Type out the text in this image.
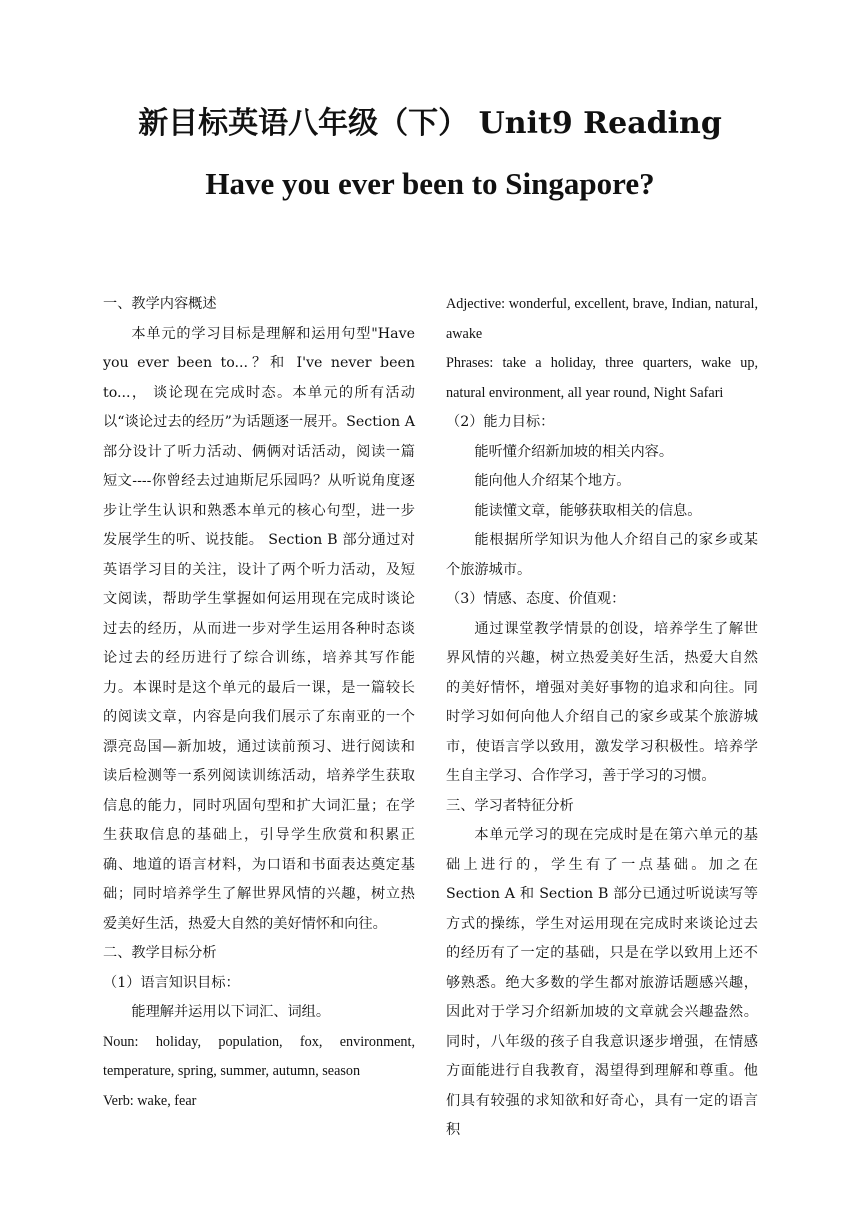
新目标英语八年级（下） Unit9 Reading
Have you ever been to Singapore?

一、教学内容概述

本单元的学习目标是理解和运用句型"Have you ever been to...？和 I've never been to...， 谈论现在完成时态。本单元的所有活动以“谈论过去的经历”为话题逐一展开。Section A 部分设计了听力活动、俩俩对话活动，阅读一篇短文----你曾经去过迪斯尼乐园吗？从听说角度逐步让学生认识和熟悉本单元的核心句型，进一步发展学生的听、说技能。 Section B 部分通过对英语学习目的关注，设计了两个听力活动，及短文阅读，帮助学生掌握如何运用现在完成时谈论过去的经历，从而进一步对学生运用各种时态谈论过去的经历进行了综合训练，培养其写作能力。本课时是这个单元的最后一课，是一篇较长的阅读文章，内容是向我们展示了东南亚的一个漂亮岛国—新加坡，通过读前预习、进行阅读和读后检测等一系列阅读训练活动，培养学生获取信息的能力，同时巩固句型和扩大词汇量；在学生获取信息的基础上，引导学生欣赏和积累正确、地道的语言材料，为口语和书面表达奠定基础；同时培养学生了解世界风情的兴趣，树立热爱美好生活，热爱大自然的美好情怀和向往。

二、教学目标分析

（1）语言知识目标：

能理解并运用以下词汇、词组。

Noun: holiday, population, fox, environment, temperature, spring, summer, autumn, season

Verb: wake, fear

Adjective: wonderful, excellent, brave, Indian, natural, awake

Phrases: take a holiday, three quarters, wake up, natural environment, all year round, Night Safari

（2）能力目标：

能听懂介绍新加坡的相关内容。

能向他人介绍某个地方。

能读懂文章，能够获取相关的信息。

能根据所学知识为他人介绍自己的家乡或某个旅游城市。

（3）情感、态度、价值观：

通过课堂教学情景的创设，培养学生了解世界风情的兴趣，树立热爱美好生活，热爱大自然的美好情怀，增强对美好事物的追求和向往。同时学习如何向他人介绍自己的家乡或某个旅游城市，使语言学以致用，激发学习积极性。培养学生自主学习、合作学习，善于学习的习惯。

三、学习者特征分析

本单元学习的现在完成时是在第六单元的基础上进行的，学生有了一点基础。加之在 Section A 和 Section B 部分已通过听说读写等方式的操练，学生对运用现在完成时来谈论过去的经历有了一定的基础，只是在学以致用上还不够熟悉。绝大多数的学生都对旅游话题感兴趣，因此对于学习介绍新加坡的文章就会兴趣盎然。同时，八年级的孩子自我意识逐步增强，在情感方面能进行自我教育，渴望得到理解和尊重。他们具有较强的求知欲和好奇心，具有一定的语言积
